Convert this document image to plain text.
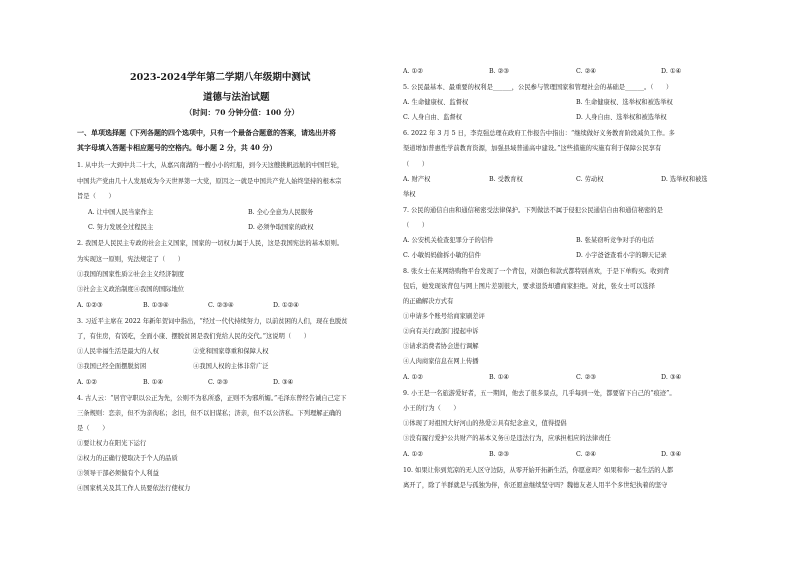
2023-2024学年第二学期八年级期中测试
道德与法治试题
（时间：70 分钟分值：100 分）
一、单项选择题（下列各题的四个选项中，只有一个最备合题意的答案，请选出并将
其字母填入答题卡相应题号的空格内。每小题 2 分，共 40 分）
1. 从中共一大到中共二十大，从嘉兴南湖的一艘小小的红船，到今天这艘挑帆远航的中国巨轮，
中国共产党由几十人发展成为今天世界第一大党，原因之一就是中国共产党人始终坚持的根本宗
旨是（　　）
A. 让中国人民当家作主	B. 全心全意为人民服务
C. 努力发展全过程民主	D. 必须争取国家的政权
2. 我国是人民民主专政的社会主义国家，国家的一切权力属于人民，这是我国宪法的基本原则。
为实现这一原则，宪法规定了（　　）
①我国的国家性质②社会主义经济制度
③社会主义政治制度④我国的国际地位
A. ①②③	B. ①③④	C. ②③④	D. ①②④
3. 习近平主席在 2022 年新年贺词中指出，“经过一代代持续努力，以前贫困的人们，现在也脱贫
了，有住房，有饭吃，全面小康、摆脱贫困是我们党给人民的交代。”这说明（　　）
①人民幸福生活是最大的人权	②党和国家尊重和保障人权
③我国已经全面摆脱贫困	④我国人权的主体非常广泛
A. ①②	B. ①④	C. ②③	D. ③④
4. 古人云：“居官守职以公正为先，公则不为私所惑，正则不为邪所媚。”毛泽东曾经告诫自己定下
三条规则：恋亲，但不为亲徇私；念旧，但不以旧谋私；济亲，但不以公济私。下列理解正确的
是（　　）
①要让权力在阳光下运行
②权力的正确行使取决于个人的品质
③领导干部必须做有个人利益
④国家机关及其工作人员要依法行使权力
A. ①②	B. ②③	C. ②④	D. ①④
5. 公民最基本、最重要的权利是______，公民参与管理国家和管理社会的基础是______。（　　）
A. 生命健康权、监督权	B. 生命健康权、选举权和被选举权
C. 人身自由、监督权	D. 人身自由、选举权和被选举权
6. 2022 年 3 月 5 日，李克强总理在政府工作报告中指出：“继续做好义务教育阶段减负工作。多
渠道增加普惠性学前教育资源，加强县域普通高中建设。”这些措施的实施有利于保障公民享有
（　　）
A. 财产权	B. 受教育权	C. 劳动权	D. 选举权和被选
举权
7. 公民的通信自由和通信秘密受法律保护。下列做法不属于侵犯公民通信自由和通信秘密的是
（　　）
A. 公安机关检查犯罪分子的信件	B. 张某窃听竞争对手的电话
C. 小敏妈妈偷拆小敏的信件	D. 小宇爸爸查看小宇的聊天记录
8. 张女士在某网络购物平台发现了一个背包，对颜色和款式都特别喜欢，于是下单购买。收到背
包后，她发现该背包与网上图片差别很大，要求退货却遭商家拒绝。对此，张女士可以选择
的正确解决方式有
①申请多个账号给商家刷差评
②向有关行政部门提起申诉
③请求消费者协会进行调解
④人肉商家信息在网上传播
A. ①②	B. ①④	C. ②③	D. ③④
9. 小王是一名旅游爱好者，五一期间，他去了很多景点，几乎每到一处，都要留下自己的“痕迹”。
小王的行为（　　）
①体现了对祖国大好河山的热爱②具有纪念意义，值得提倡
③没有履行爱护公共财产的基本义务④是违法行为，应承担相应的法律责任
A. ①②	B. ②③	C. ②④	D. ③④
10. 如果让你到荒凉的无人区守边防，从零开始开拓新生活，你愿意吗？如果和你一起生活的人都
离开了，除了羊群就是与孤独为伴，你还愿意继续坚守吗？魏德友老人用半个多世纪执着的坚守
